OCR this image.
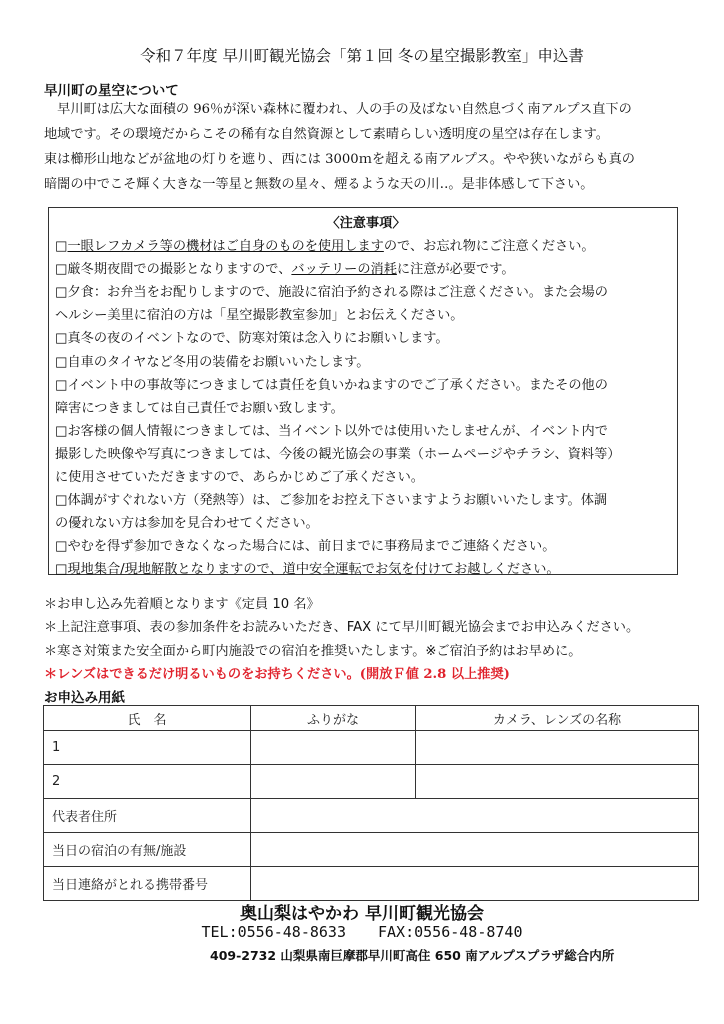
令和７年度 早川町観光協会「第１回 冬の星空撮影教室」申込書
早川町の星空について
　早川町は広大な面積の 96％が深い森林に覆われ、人の手の及ばない自然息づく南アルプス直下の
地域です。その環境だからこその稀有な自然資源として素晴らしい透明度の星空は存在します。
東は櫛形山地などが盆地の灯りを遮り、西には 3000ｍを超える南アルプス。やや狭いながらも真の
暗闇の中でこそ輝く大きな一等星と無数の星々、煙るような天の川‥。是非体感して下さい。
〈注意事項〉
□一眼レフカメラ等の機材はご自身のものを使用しますので、お忘れ物にご注意ください。
□厳冬期夜間での撮影となりますので、バッテリーの消耗に注意が必要です。
□夕食：お弁当をお配りしますので、施設に宿泊予約される際はご注意ください。また会場の
ヘルシー美里に宿泊の方は「星空撮影教室参加」とお伝えください。
□真冬の夜のイベントなので、防寒対策は念入りにお願いします。
□自車のタイヤなど冬用の装備をお願いいたします。
□イベント中の事故等につきましては責任を負いかねますのでご了承ください。またその他の
障害につきましては自己責任でお願い致します。
□お客様の個人情報につきましては、当イベント以外では使用いたしませんが、イベント内で
撮影した映像や写真につきましては、今後の観光協会の事業（ホームページやチラシ、資料等）
に使用させていただきますので、あらかじめご了承ください。
□体調がすぐれない方（発熱等）は、ご参加をお控え下さいますようお願いいたします。体調
の優れない方は参加を見合わせてください。
□やむを得ず参加できなくなった場合には、前日までに事務局までご連絡ください。
□現地集合/現地解散となりますので、道中安全運転でお気を付けてお越しください。
＊お申し込み先着順となります《定員 10 名》
＊上記注意事項、表の参加条件をお読みいただき、FAX にて早川町観光協会までお申込みください。
＊寒さ対策また安全面から町内施設での宿泊を推奨いたします。※ご宿泊予約はお早めに。
＊レンズはできるだけ明るいものをお持ちください。(開放Ｆ値 2.8 以上推奨)
お申込み用紙
氏　名	ふりがな	カメラ、レンズの名称
1		
2		
代表者住所		
当日の宿泊の有無/施設		
当日連絡がとれる携帯番号		
奥山梨はやかわ 早川町観光協会
TEL:0556-48-8633 FAX:0556-48-8740
409-2732 山梨県南巨摩郡早川町高住 650 南アルプスプラザ総合内所
